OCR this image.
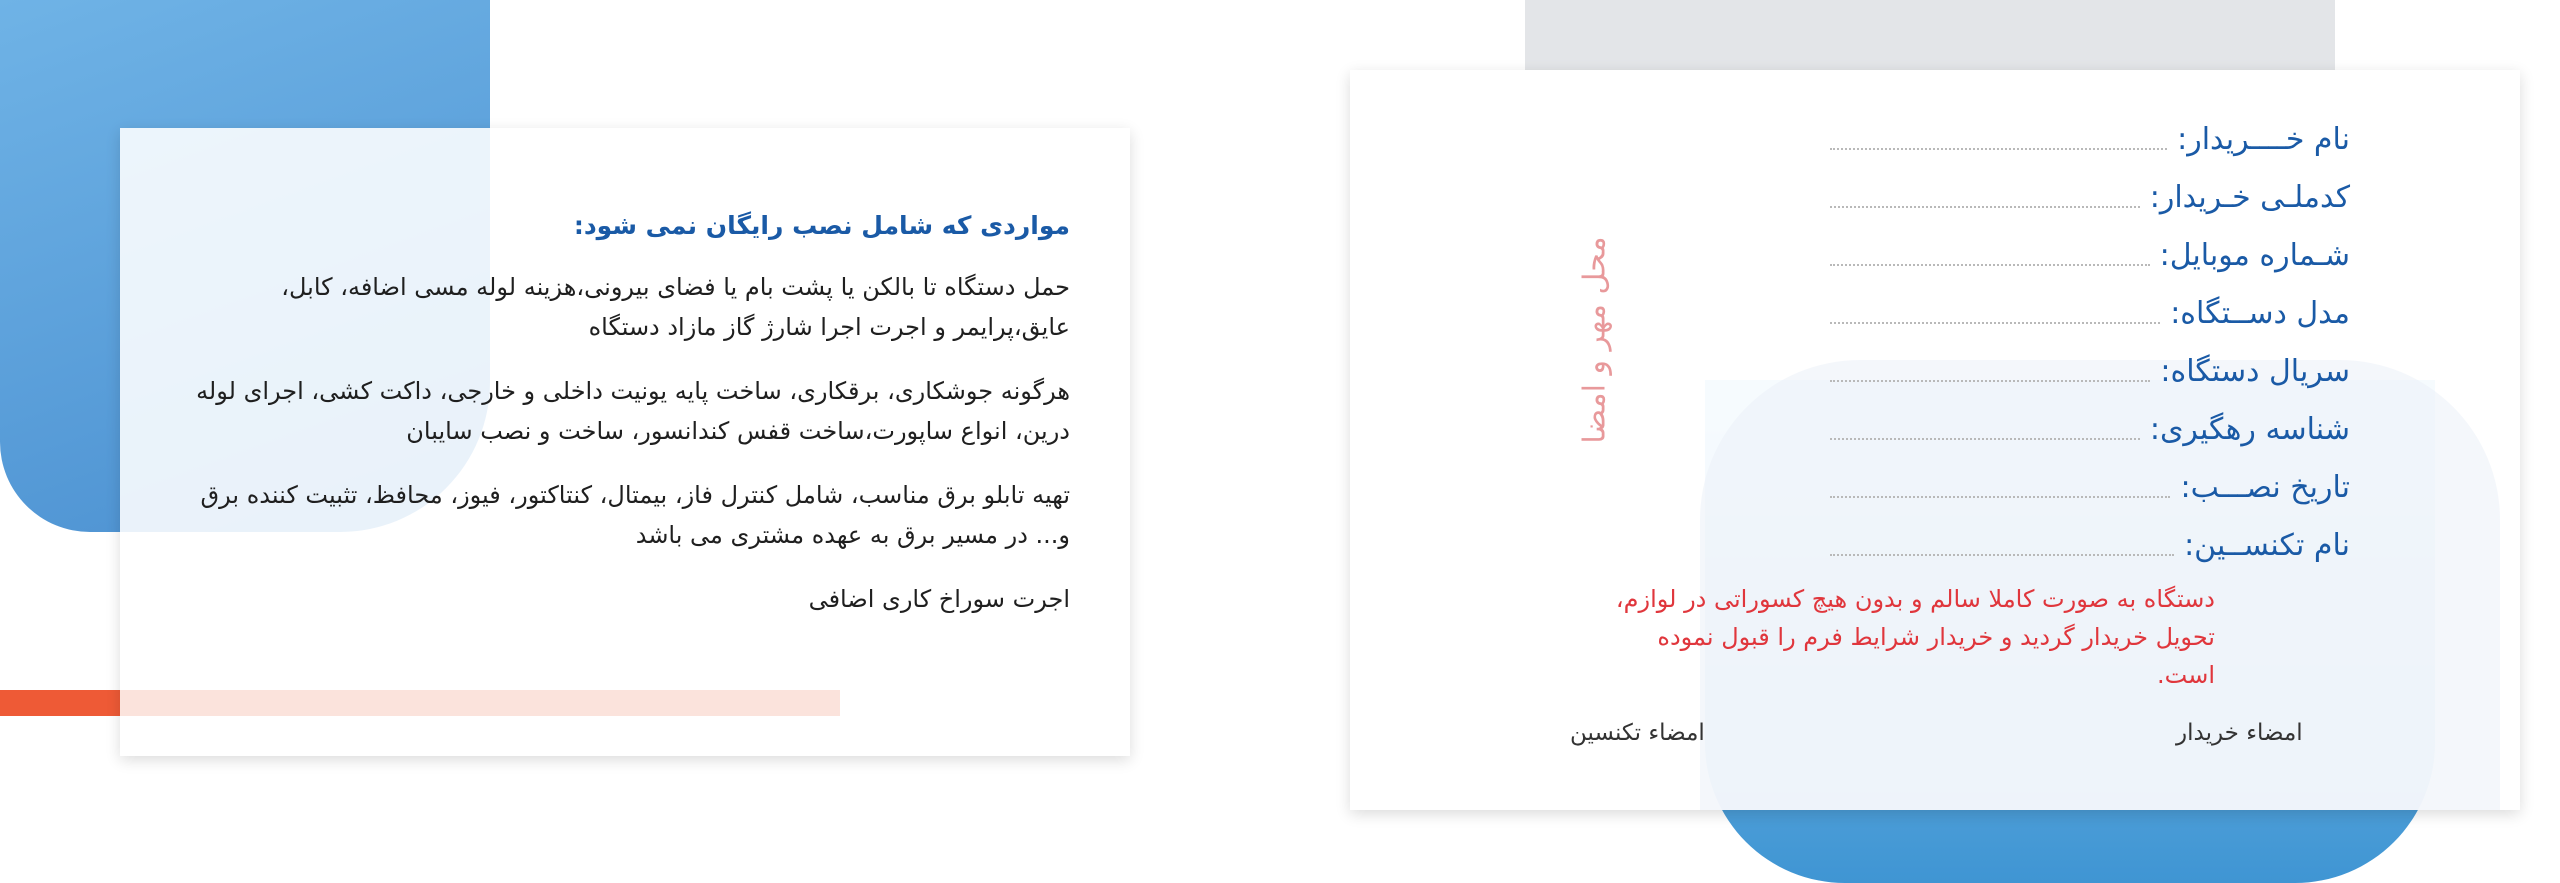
مواردی که شامل نصب رایگان نمی شود:

حمل دستگاه تا بالکن یا پشت بام یا فضای بیرونی،هزینه لوله مسی اضافه، کابل، عایق،پرایمر و اجرت اجرا شارژ گاز مازاد دستگاه

هرگونه جوشکاری، برقکاری، ساخت پایه یونیت داخلی و خارجی، داکت کشی، اجرای لوله درین، انواع ساپورت،ساخت قفس کندانسور، ساخت و نصب سایبان

تهیه تابلو برق مناسب، شامل کنترل فاز، بیمتال، کنتاکتور، فیوز، محافظ، تثبیت کننده برق و... در مسیر برق به عهده مشتری می باشد

اجرت سوراخ کاری اضافی

نام خــــریدار:
کدملـی خـریدار:
شـماره موبایل:
مدل دســتگاه:
سریال دستگاه:
شناسه رهگیری:
تاریخ نصـــب:
نام تکنســین:
محل مهر و امضا
دستگاه به صورت کاملا سالم و بدون هیچ کسوراتی در لوازم، تحویل خریدار گردید و خریدار شرایط فرم را قبول نموده است.
امضاء خریدار
امضاء تکنسین
